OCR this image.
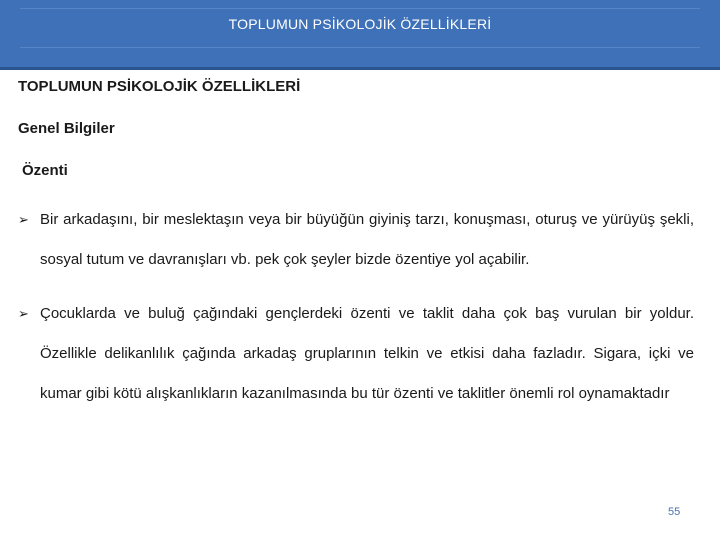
TOPLUMUN PSİKOLOJİK ÖZELLİKLERİ
TOPLUMUN PSİKOLOJİK ÖZELLİKLERİ
Genel Bilgiler
Özenti
➢ Bir arkadaşını, bir meslektaşın veya bir büyüğün giyiniş tarzı, konuşması, oturuş ve yürüyüş şekli, sosyal tutum ve davranışları vb. pek çok şeyler bizde özentiye yol açabilir.
➢ Çocuklarda ve buluğ çağındaki gençlerdeki özenti ve taklit daha çok baş vurulan bir yoldur. Özellikle delikanlılık çağında arkadaş gruplarının telkin ve etkisi daha fazladır. Sigara, içki ve kumar gibi kötü alışkanlıkların kazanılmasında bu tür özenti ve taklitler önemli rol oynamaktadır
55
